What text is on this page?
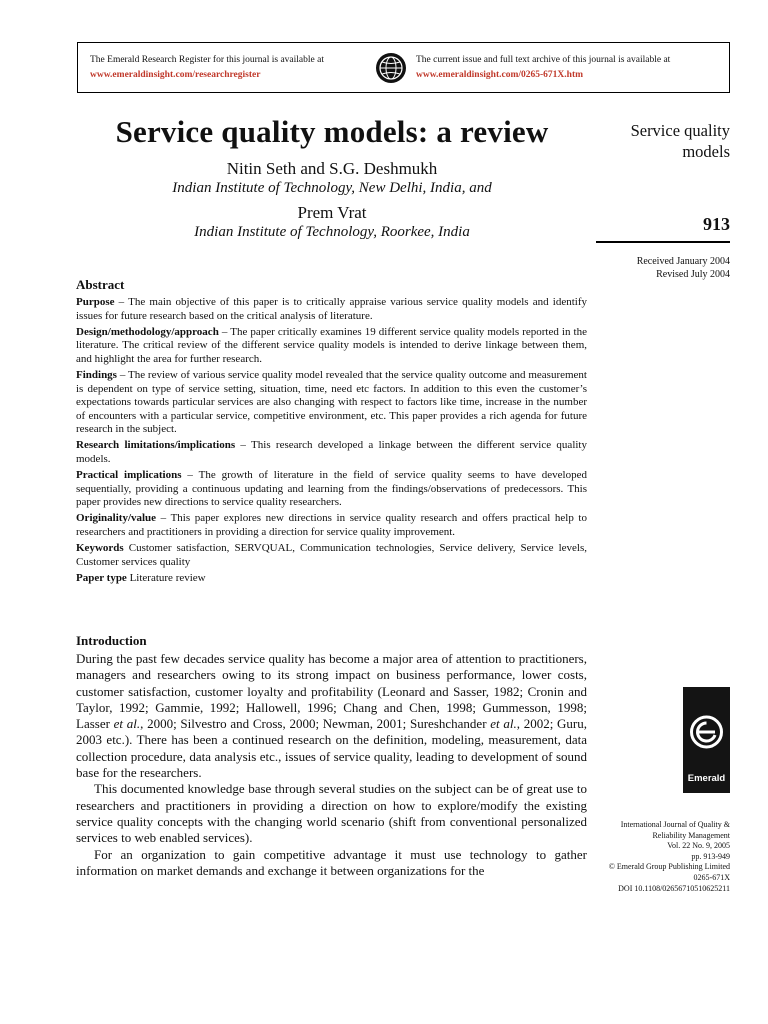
The Emerald Research Register for this journal is available at
www.emeraldinsight.com/researchregister
The current issue and full text archive of this journal is available at
www.emeraldinsight.com/0265-671X.htm
Service quality models: a review
Nitin Seth and S.G. Deshmukh
Indian Institute of Technology, New Delhi, India, and
Prem Vrat
Indian Institute of Technology, Roorkee, India
Service quality
models
913
Received January 2004
Revised July 2004
Abstract

Purpose – The main objective of this paper is to critically appraise various service quality models and identify issues for future research based on the critical analysis of literature.

Design/methodology/approach – The paper critically examines 19 different service quality models reported in the literature. The critical review of the different service quality models is intended to derive linkage between them, and highlight the area for further research.

Findings – The review of various service quality model revealed that the service quality outcome and measurement is dependent on type of service setting, situation, time, need etc factors. In addition to this even the customer’s expectations towards particular services are also changing with respect to factors like time, increase in the number of encounters with a particular service, competitive environment, etc. This paper provides a rich agenda for future research in the subject.

Research limitations/implications – This research developed a linkage between the different service quality models.

Practical implications – The growth of literature in the field of service quality seems to have developed sequentially, providing a continuous updating and learning from the findings/observations of predecessors. This paper provides new directions to service quality researchers.

Originality/value – This paper explores new directions in service quality research and offers practical help to researchers and practitioners in providing a direction for service quality improvement.

Keywords Customer satisfaction, SERVQUAL, Communication technologies, Service delivery, Service levels, Customer services quality

Paper type Literature review

Introduction

During the past few decades service quality has become a major area of attention to practitioners, managers and researchers owing to its strong impact on business performance, lower costs, customer satisfaction, customer loyalty and profitability (Leonard and Sasser, 1982; Cronin and Taylor, 1992; Gammie, 1992; Hallowell, 1996; Chang and Chen, 1998; Gummesson, 1998; Lasser et al., 2000; Silvestro and Cross, 2000; Newman, 2001; Sureshchander et al., 2002; Guru, 2003 etc.). There has been a continued research on the definition, modeling, measurement, data collection procedure, data analysis etc., issues of service quality, leading to development of sound base for the researchers.

This documented knowledge base through several studies on the subject can be of great use to researchers and practitioners in providing a direction on how to explore/modify the existing service quality concepts with the changing world scenario (shift from conventional personalized services to web enabled services).

For an organization to gain competitive advantage it must use technology to gather information on market demands and exchange it between organizations for the

Emerald
International Journal of Quality &
Reliability Management
Vol. 22 No. 9, 2005
pp. 913-949
© Emerald Group Publishing Limited
0265-671X
DOI 10.1108/02656710510625211
